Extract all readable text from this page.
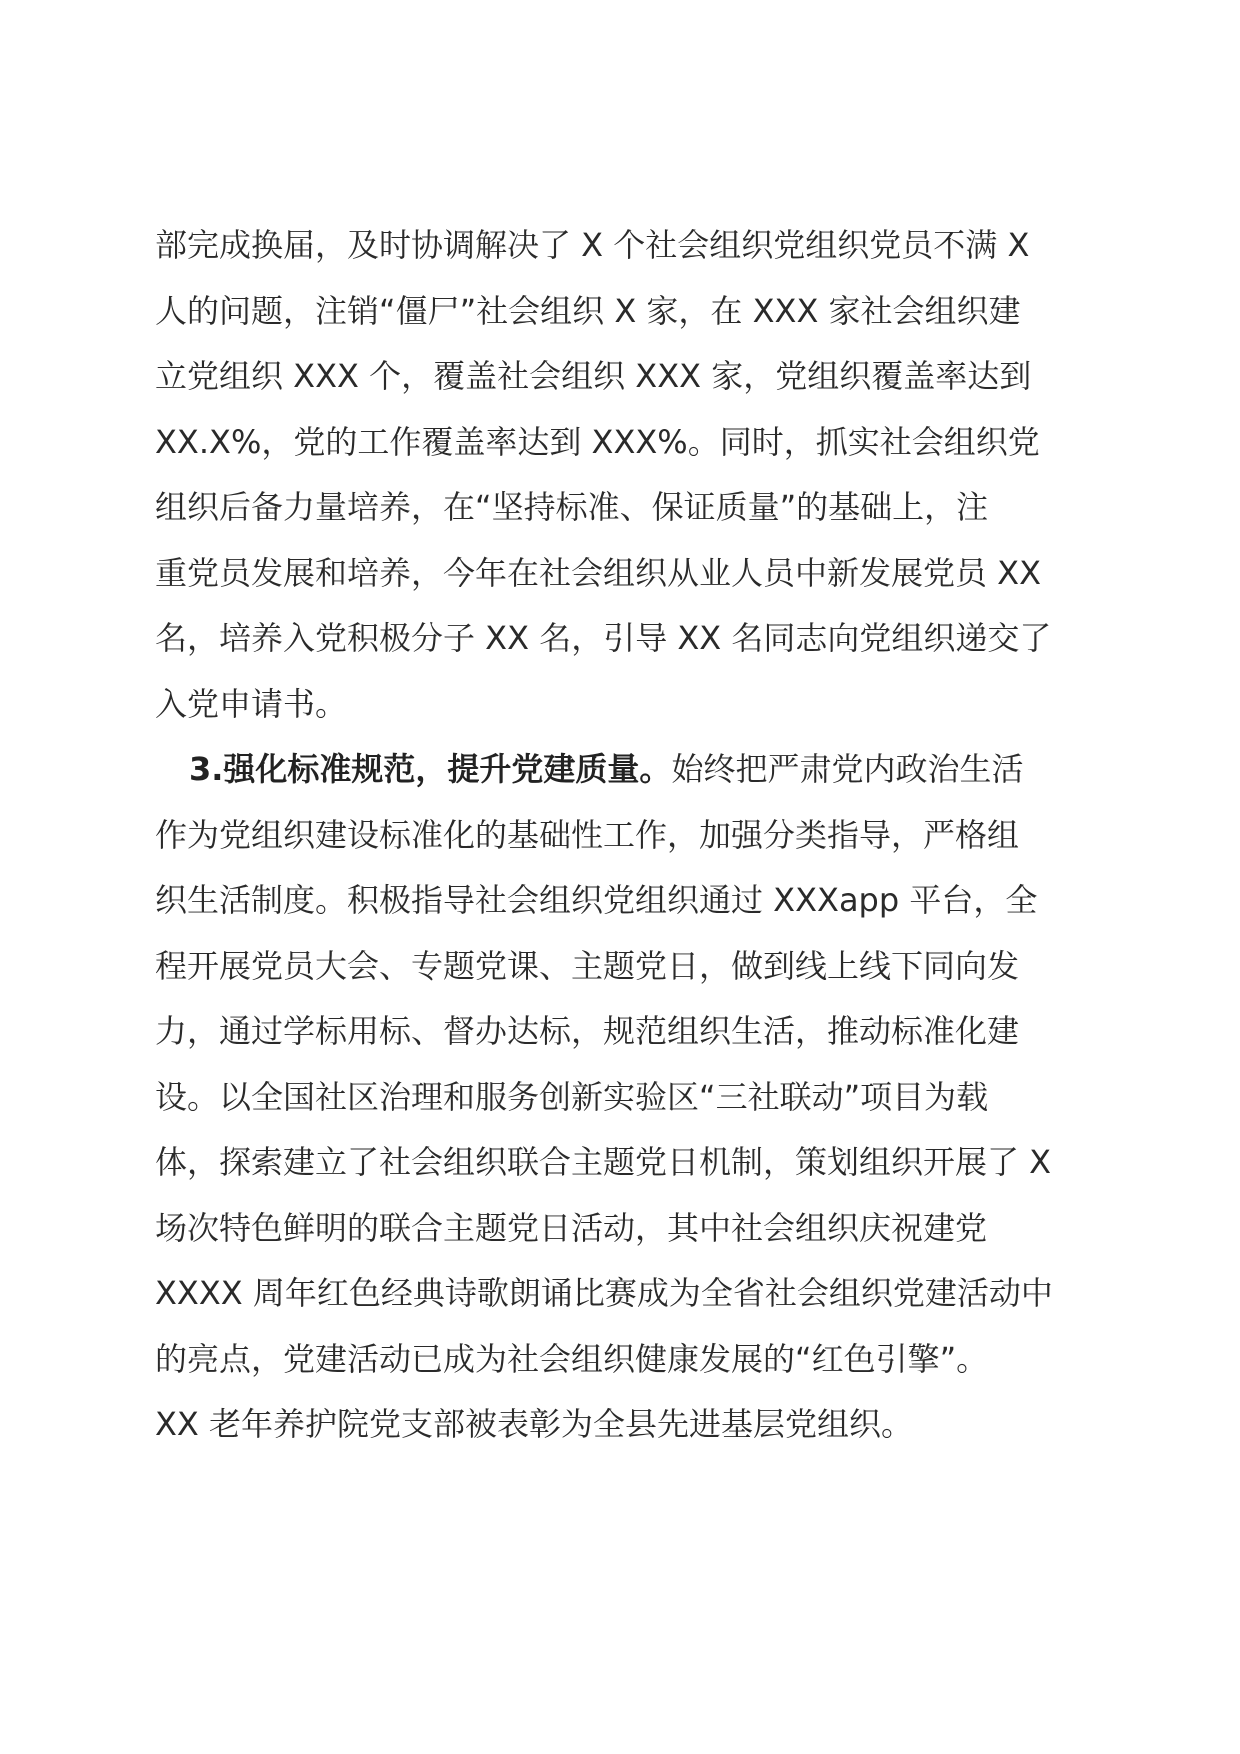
部完成换届，及时协调解决了 X 个社会组织党组织党员不满 X
人的问题，注销“僵尸”社会组织 X 家，在 XXX 家社会组织建
立党组织 XXX 个，覆盖社会组织 XXX 家，党组织覆盖率达到
XX.X%，党的工作覆盖率达到 XXX%。同时，抓实社会组织党
组织后备力量培养，在“坚持标准、保证质量”的基础上，注
重党员发展和培养，今年在社会组织从业人员中新发展党员 XX
名，培养入党积极分子 XX 名，引导 XX 名同志向党组织递交了
入党申请书。
3.强化标准规范，提升党建质量。始终把严肃党内政治生活
作为党组织建设标准化的基础性工作，加强分类指导，严格组
织生活制度。积极指导社会组织党组织通过 XXXapp 平台，全
程开展党员大会、专题党课、主题党日，做到线上线下同向发
力，通过学标用标、督办达标，规范组织生活，推动标准化建
设。以全国社区治理和服务创新实验区“三社联动”项目为载
体，探索建立了社会组织联合主题党日机制，策划组织开展了 X
场次特色鲜明的联合主题党日活动，其中社会组织庆祝建党
XXXX 周年红色经典诗歌朗诵比赛成为全省社会组织党建活动中
的亮点，党建活动已成为社会组织健康发展的“红色引擎”。
XX 老年养护院党支部被表彰为全县先进基层党组织。
